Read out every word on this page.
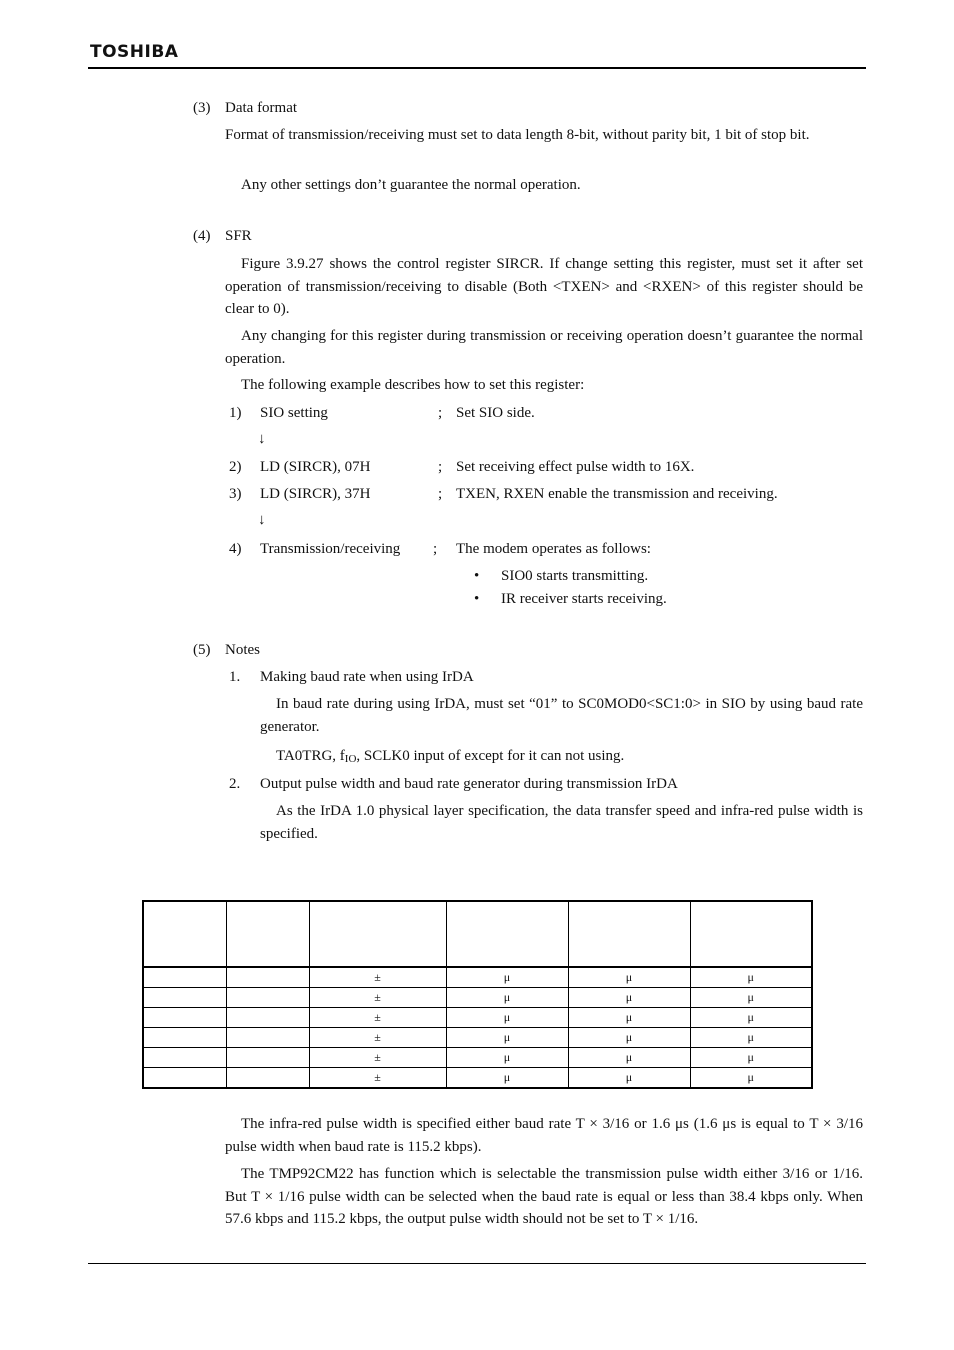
TOSHIBA
(3) Data format
Format of transmission/receiving must set to data length 8-bit, without parity bit, 1 bit of stop bit.
Any other settings don’t guarantee the normal operation.
(4) SFR
Figure 3.9.27 shows the control register SIRCR. If change setting this register, must set it after set operation of transmission/receiving to disable (Both <TXEN> and <RXEN> of this register should be clear to 0).
Any changing for this register during transmission or receiving operation doesn’t guarantee the normal operation.
The following example describes how to set this register:
1) SIO setting	; Set SIO side.
↓
2) LD (SIRCR), 07H	; Set receiving effect pulse width to 16X.
3) LD (SIRCR), 37H	; TXEN, RXEN enable the transmission and receiving.
↓
4) Transmission/receiving ; The modem operates as follows:
• SIO0 starts transmitting.
• IR receiver starts receiving.
(5) Notes
1. Making baud rate when using IrDA
In baud rate during using IrDA, must set “01” to SC0MOD0<SC1:0> in SIO by using baud rate generator.
TA0TRG, $f_{IO}$, SCLK0 input of except for it can not using.
2. Output pulse width and baud rate generator during transmission IrDA
As the IrDA 1.0 physical layer specification, the data transfer speed and infra-red pulse width is specified.

		±	μ	μ	μ
		±	μ	μ	μ
		±	μ	μ	μ
		±	μ	μ	μ
		±	μ	μ	μ
		±	μ	μ	μ
The infra-red pulse width is specified either baud rate T × 3/16 or 1.6 μs (1.6 μs is equal to T × 3/16 pulse width when baud rate is 115.2 kbps).
The TMP92CM22 has function which is selectable the transmission pulse width either 3/16 or 1/16. But T × 1/16 pulse width can be selected when the baud rate is equal or less than 38.4 kbps only. When 57.6 kbps and 115.2 kbps, the output pulse width should not be set to T × 1/16.
